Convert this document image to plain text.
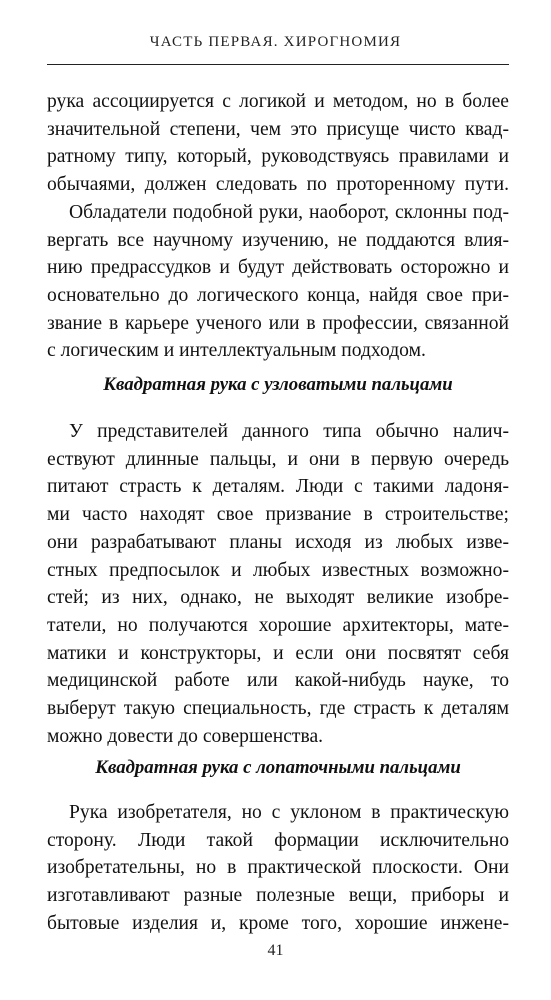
ЧАСТЬ ПЕРВАЯ. ХИРОГНОМИЯ
рука ассоциируется с логикой и методом, но в более
значительной степени, чем это присуще чисто квад-
ратному типу, который, руководствуясь правилами и
обычаями, должен следовать по проторенному пути.
Обладатели подобной руки, наоборот, склонны под-
вергать все научному изучению, не поддаются влия-
нию предрассудков и будут действовать осторожно и
основательно до логического конца, найдя свое при-
звание в карьере ученого или в профессии, связанной
с логическим и интеллектуальным подходом.
Квадратная рука с узловатыми пальцами
У представителей данного типа обычно налич-
ествуют длинные пальцы, и они в первую очередь
питают страсть к деталям. Люди с такими ладоня-
ми часто находят свое призвание в строительстве;
они разрабатывают планы исходя из любых изве-
стных предпосылок и любых известных возможно-
стей; из них, однако, не выходят великие изобре-
татели, но получаются хорошие архитекторы, мате-
матики и конструкторы, и если они посвятят себя
медицинской работе или какой-нибудь науке, то
выберут такую специальность, где страсть к деталям
можно довести до совершенства.
Квадратная рука с лопаточными пальцами
Рука изобретателя, но с уклоном в практическую
сторону. Люди такой формации исключительно
изобретательны, но в практической плоскости. Они
изготавливают разные полезные вещи, приборы и
бытовые изделия и, кроме того, хорошие инжене-
41
